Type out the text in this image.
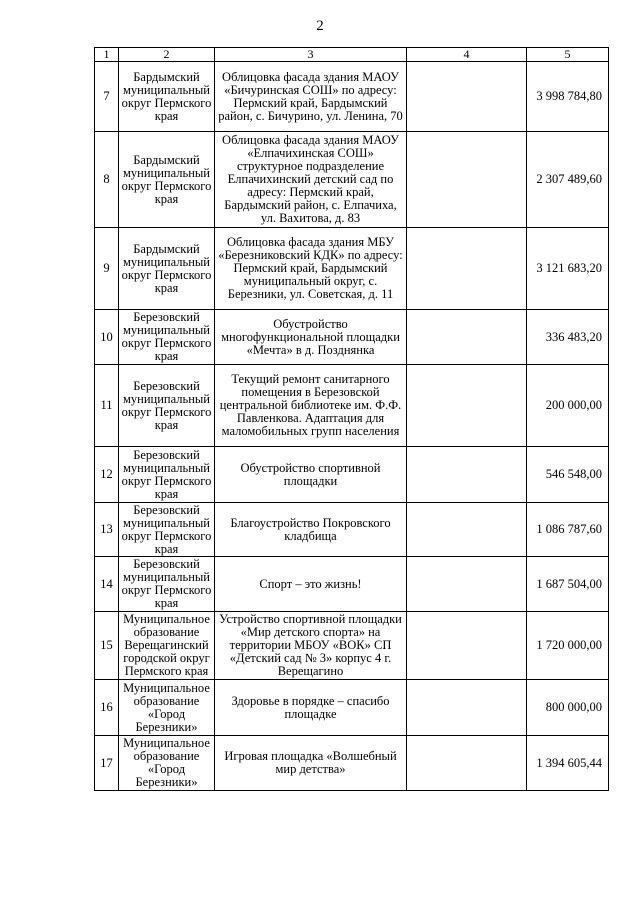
2
1	2	3	4	5
7	Бардымский муниципальный округ Пермского края	Облицовка фасада здания МАОУ «Бичуринская СОШ» по адресу: Пермский край, Бардымский район, с. Бичурино, ул. Ленина, 70		3 998 784,80
8	Бардымский муниципальный округ Пермского края	Облицовка фасада здания МАОУ «Елпачихинская СОШ» структурное подразделение Елпачихинский детский сад по адресу: Пермский край, Бардымский район, с. Елпачиха, ул. Вахитова, д. 83		2 307 489,60
9	Бардымский муниципальный округ Пермского края	Облицовка фасада здания МБУ «Березниковский КДК» по адресу: Пермский край, Бардымский муниципальный округ, с. Березники, ул. Советская, д. 11		3 121 683,20
10	Березовский муниципальный округ Пермского края	Обустройство многофункциональной площадки «Мечта» в д. Позднянка		336 483,20
11	Березовский муниципальный округ Пермского края	Текущий ремонт санитарного помещения в Березовской центральной библиотеке им. Ф.Ф. Павленкова. Адаптация для маломобильных групп населения		200 000,00
12	Березовский муниципальный округ Пермского края	Обустройство спортивной площадки		546 548,00
13	Березовский муниципальный округ Пермского края	Благоустройство Покровского кладбища		1 086 787,60
14	Березовский муниципальный округ Пермского края	Спорт – это жизнь!		1 687 504,00
15	Муниципальное образование Верещагинский городской округ Пермского края	Устройство спортивной площадки «Мир детского спорта» на территории МБОУ «ВОК» СП «Детский сад № 3» корпус 4 г. Верещагино		1 720 000,00
16	Муниципальное образование «Город Березники»	Здоровье в порядке – спасибо площадке		800 000,00
17	Муниципальное образование «Город Березники»	Игровая площадка «Волшебный мир детства»		1 394 605,44
